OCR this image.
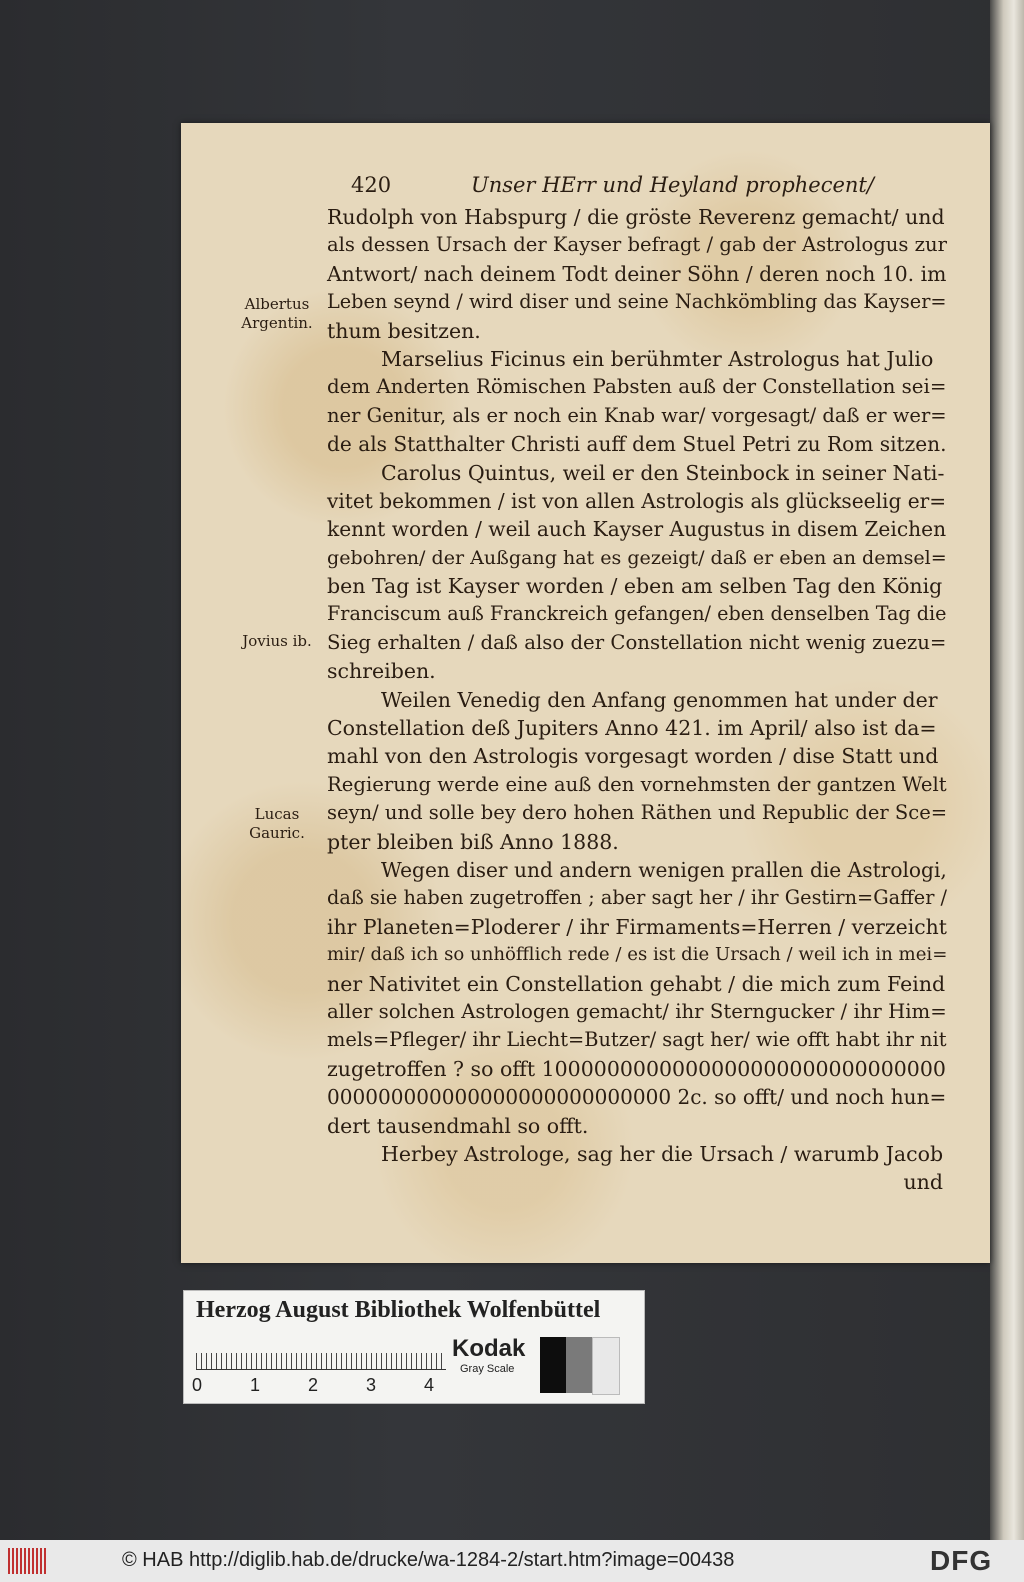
420	Unser HErr und Heyland prophecent/
Albertus Argentin.
Jovius ib.
Lucas Gauric.
Rudolph von Habspurg / die gröste Reverenz gemacht/ und
als dessen Ursach der Kayser befragt / gab der Astrologus zur
Antwort/ nach deinem Todt deiner Söhn / deren noch 10. im
Leben seynd / wird diser und seine Nachkömbling das Kayser=
thum besitzen.
Marselius Ficinus ein berühmter Astrologus hat Julio
dem Anderten Römischen Pabsten auß der Constellation sei=
ner Genitur, als er noch ein Knab war/ vorgesagt/ daß er wer=
de als Statthalter Christi auff dem Stuel Petri zu Rom sitzen.
Carolus Quintus, weil er den Steinbock in seiner Nati-
vitet bekommen / ist von allen Astrologis als glückseelig er=
kennt worden / weil auch Kayser Augustus in disem Zeichen
gebohren/ der Außgang hat es gezeigt/ daß er eben an demsel=
ben Tag ist Kayser worden / eben am selben Tag den König
Franciscum auß Franckreich gefangen/ eben denselben Tag die
Sieg erhalten / daß also der Constellation nicht wenig zuezu=
schreiben.
Weilen Venedig den Anfang genommen hat under der
Constellation deß Jupiters Anno 421. im April/ also ist da=
mahl von den Astrologis vorgesagt worden / dise Statt und
Regierung werde eine auß den vornehmsten der gantzen Welt
seyn/ und solle bey dero hohen Räthen und Republic der Sce=
pter bleiben biß Anno 1888.
Wegen diser und andern wenigen prallen die Astrologi,
daß sie haben zugetroffen ; aber sagt her / ihr Gestirn=Gaffer /
ihr Planeten=Ploderer / ihr Firmaments=Herren / verzeicht
mir/ daß ich so unhöfflich rede / es ist die Ursach / weil ich in mei=
ner Nativitet ein Constellation gehabt / die mich zum Feind
aller solchen Astrologen gemacht/ ihr Sterngucker / ihr Him=
mels=Pfleger/ ihr Liecht=Butzer/ sagt her/ wie offt habt ihr nit
zugetroffen ? so offt 1000000000000000000000000000000
000000000000000000000000000 2c. so offt/ und noch hun=
dert tausendmahl so offt.
Herbey Astrologe, sag her die Ursach / warumb Jacob
und
Herzog August Bibliothek Wolfenbüttel
0	1	2	3	4
Kodak
Gray Scale
© HAB http://diglib.hab.de/drucke/wa-1284-2/start.htm?image=00438	DFG
